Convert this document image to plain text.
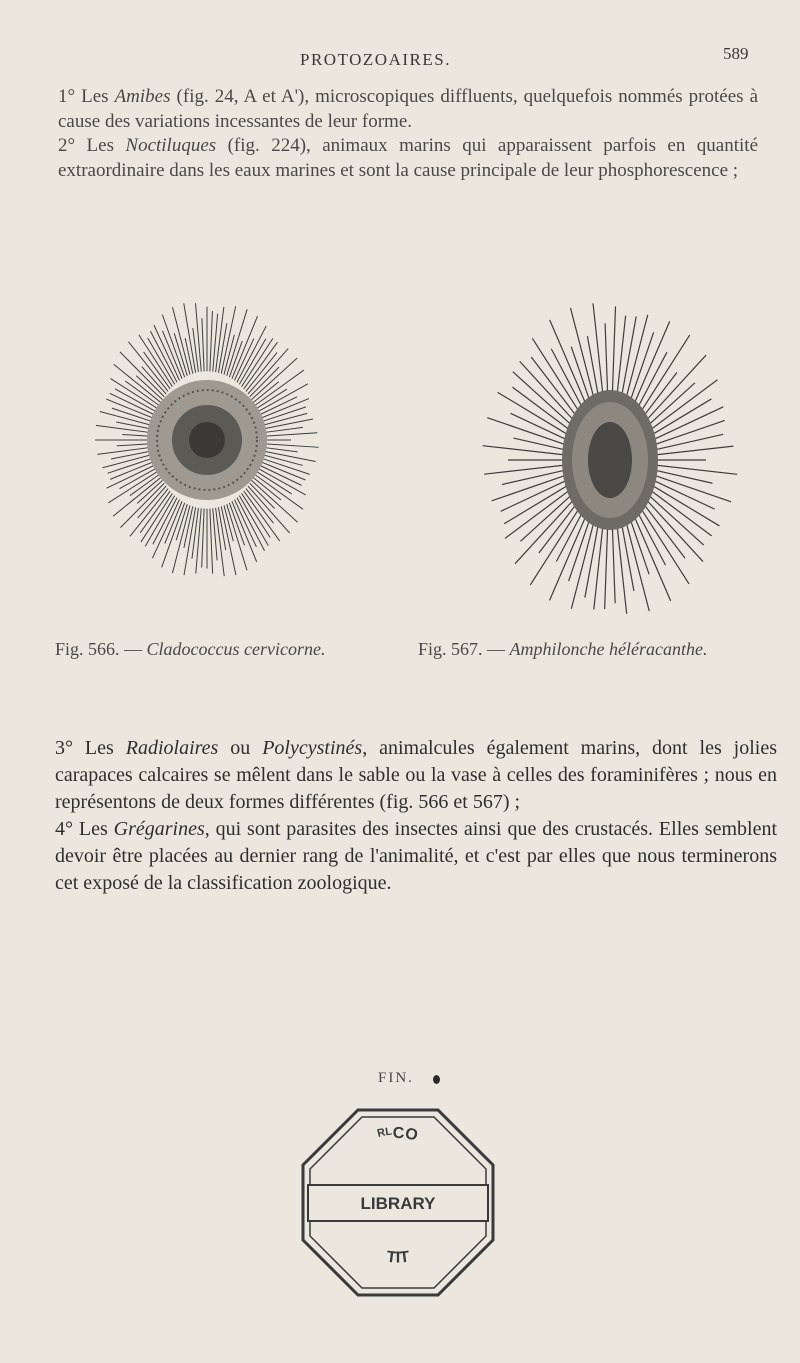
PROTOZOAIRES.	589

1° Les Amibes (fig. 24, A et A'), microscopiques diffluents, quelquefois nommés protées à cause des variations incessantes de leur forme.

2° Les Noctiluques (fig. 224), animaux marins qui apparaissent parfois en quantité extraordinaire dans les eaux marines et sont la cause principale de leur phosphorescence ;

Fig. 566. — Cladococcus cervicorne.	Fig. 567. — Amphilonche héléracanthe.

3° Les Radiolaires ou Polycystinés, animalcules également marins, dont les jolies carapaces calcaires se mêlent dans le sable ou la vase à celles des foraminifères ; nous en représentons de deux formes différentes (fig. 566 et 567) ;

4° Les Grégarines, qui sont parasites des insectes ainsi que des crustacés. Elles semblent devoir être placées au dernier rang de l'animalité, et c'est par elles que nous terminerons cet exposé de la classification zoologique.

FIN.
ᴿᴸCO
LIBRARY
TIT
